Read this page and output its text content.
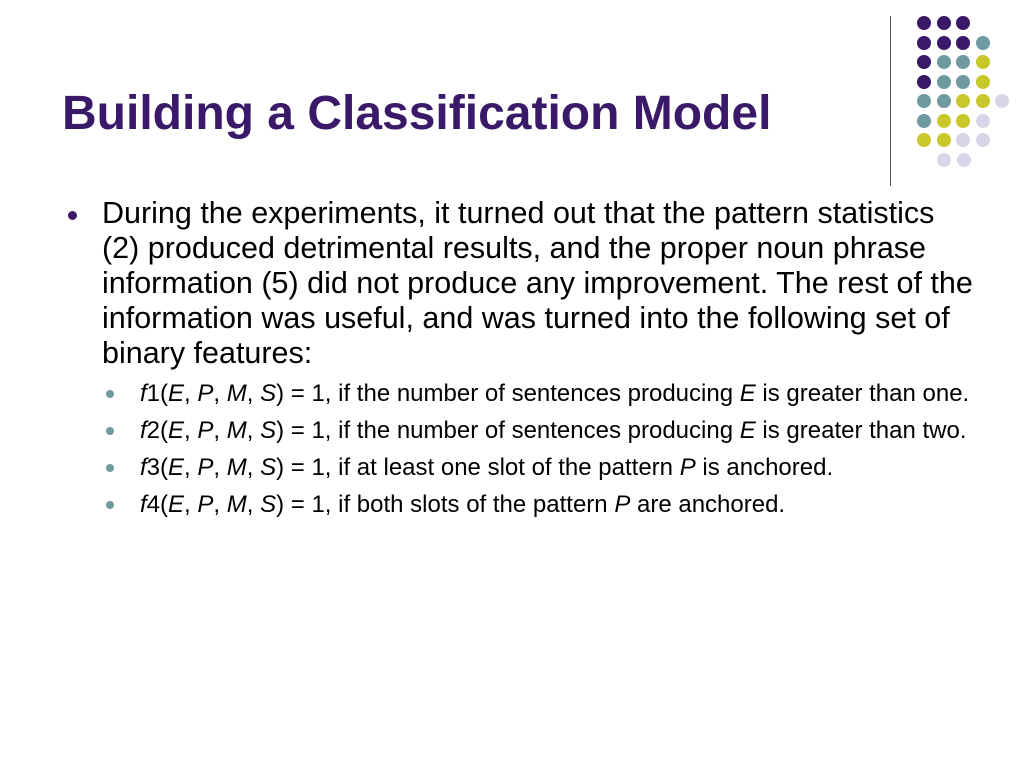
Building a Classification Model
During the experiments, it turned out that the pattern statistics (2) produced detrimental results, and the proper noun phrase information (5) did not produce any improvement. The rest of the information was useful, and was turned into the following set of binary features:
f1(E, P, M, S) = 1, if the number of sentences producing E is greater than one.
f2(E, P, M, S) = 1, if the number of sentences producing E is greater than two.
f3(E, P, M, S) = 1, if at least one slot of the pattern P is anchored.
f4(E, P, M, S) = 1, if both slots of the pattern P are anchored.
